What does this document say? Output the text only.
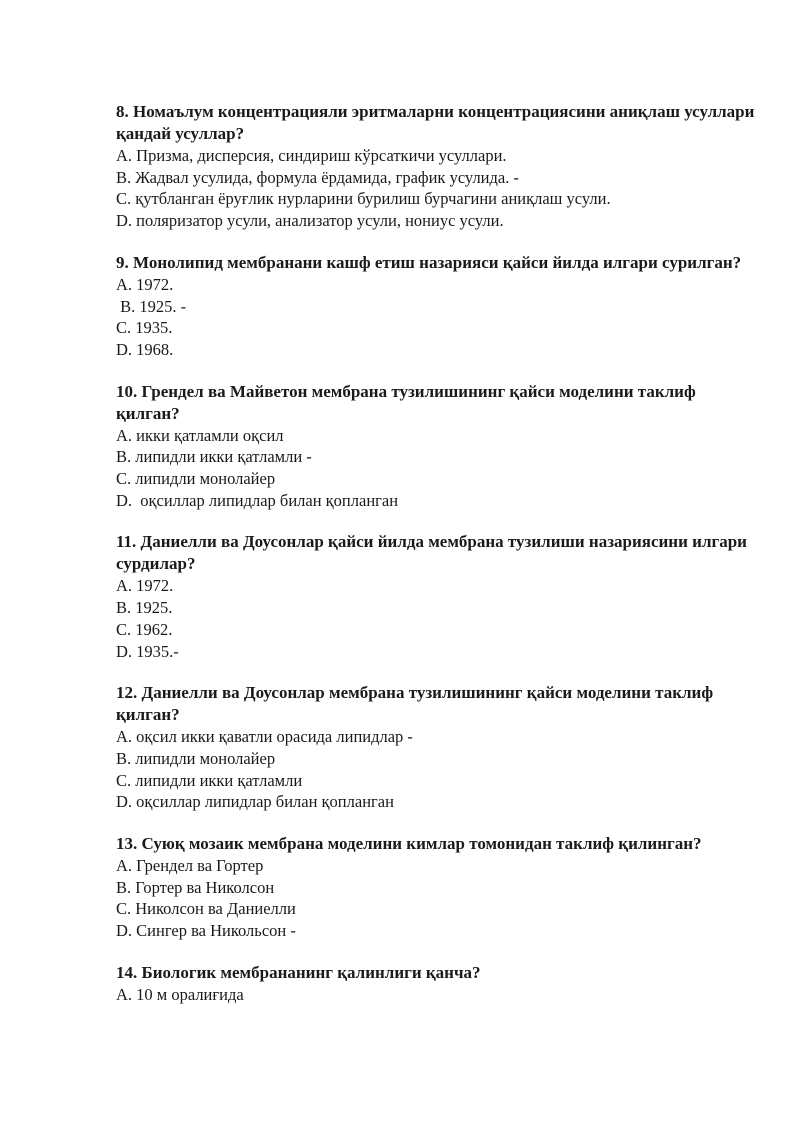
8. Номаълум концентрацияли эритмаларни концентрациясини аниқлаш усуллари қандай усуллар?

A. Призма, дисперсия, синдириш кўрсаткичи усуллари.

B. Жадвал усулида, формула ёрдамида, график усулида. -

C. қутбланган ёруғлик нурларини бурилиш бурчагини аниқлаш усули.

D. поляризатор усули, анализатор усули, нониус усули.

9. Монолипид мембранани кашф етиш назарияси қайси йилда илгари сурилган?

A. 1972.

B. 1925. -

C. 1935.

D. 1968.

10. Грендел ва Майветон мембрана тузилишининг қайси моделини таклиф қилган?

A. икки қатламли оқсил

B. липидли икки қатламли -

C. липидли монолайер

D.  оқсиллар липидлар билан қопланган

11. Даниелли ва Доусонлар қайси йилда мембрана тузилиши назариясини илгари сурдилар?

A. 1972.

B. 1925.

C. 1962.

D. 1935.-

12. Даниелли ва Доусонлар мембрана тузилишининг қайси моделини таклиф қилган?

A. оқсил икки қаватли орасида липидлар -

B. липидли монолайер

C. липидли икки қатламли

D. оқсиллар липидлар билан қопланган

13. Суюқ мозаик мембрана моделини кимлар томонидан таклиф қилинган?

A. Грендел ва Гортер

B. Гортер ва Николсон

C. Николсон ва Даниелли

D. Сингер ва Никольсон -

14. Биологик мембрананинг қалинлиги қанча?

A. 10 м оралиғида
